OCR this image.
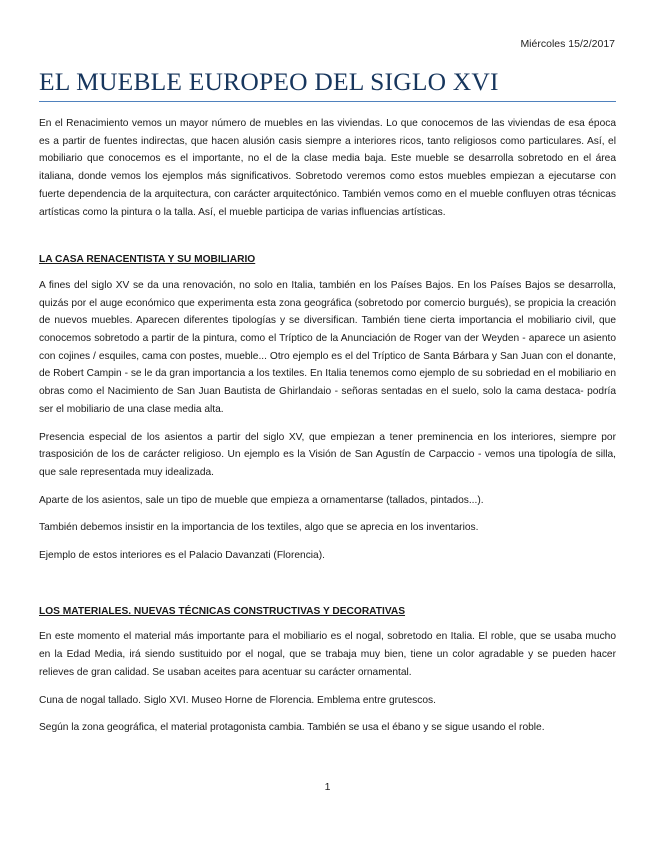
Miércoles 15/2/2017
EL MUEBLE EUROPEO DEL SIGLO XVI

En el Renacimiento vemos un mayor número de muebles en las viviendas. Lo que conocemos de las viviendas de esa época es a partir de fuentes indirectas, que hacen alusión casis siempre a interiores ricos, tanto religiosos como particulares. Así, el mobiliario que conocemos es el importante, no el de la clase media baja. Este mueble se desarrolla sobretodo en el área italiana, donde vemos los ejemplos más significativos. Sobretodo veremos como estos muebles empiezan a ejecutarse con fuerte dependencia de la arquitectura, con carácter arquitectónico. También vemos como en el mueble confluyen otras técnicas artísticas como la pintura o la talla. Así, el mueble participa de varias influencias artísticas.

LA CASA RENACENTISTA Y SU MOBILIARIO

A fines del siglo XV se da una renovación, no solo en Italia, también en los Países Bajos. En los Países Bajos se desarrolla, quizás por el auge económico que experimenta esta zona geográfica (sobretodo por comercio burgués), se propicia la creación de nuevos muebles. Aparecen diferentes tipologías y se diversifican. También tiene cierta importancia el mobiliario civil, que conocemos sobretodo a partir de la pintura, como el Tríptico de la Anunciación de Roger van der Weyden - aparece un asiento con cojines / esquiles, cama con postes, mueble... Otro ejemplo es el del Tríptico de Santa Bárbara y San Juan con el donante, de Robert Campin - se le da gran importancia a los textiles. En Italia tenemos como ejemplo de su sobriedad en el mobiliario en obras como el Nacimiento de San Juan Bautista de Ghirlandaio - señoras sentadas en el suelo, solo la cama destaca- podría ser el mobiliario de una clase media alta.

Presencia especial de los asientos a partir del siglo XV, que empiezan a tener preminencia en los interiores, siempre por trasposición de los de carácter religioso. Un ejemplo es la Visión de San Agustín de Carpaccio - vemos una tipología de silla, que sale representada muy idealizada.

Aparte de los asientos, sale un tipo de mueble que empieza a ornamentarse (tallados, pintados...).

También debemos insistir en la importancia de los textiles, algo que se aprecia en los inventarios.

Ejemplo de estos interiores es el Palacio Davanzati (Florencia).

LOS MATERIALES. NUEVAS TÉCNICAS CONSTRUCTIVAS Y DECORATIVAS

En este momento el material más importante para el mobiliario es el nogal, sobretodo en Italia. El roble, que se usaba mucho en la Edad Media, irá siendo sustituido por el nogal, que se trabaja muy bien, tiene un color agradable y se pueden hacer relieves de gran calidad. Se usaban aceites para acentuar su carácter ornamental.

Cuna de nogal tallado. Siglo XVI. Museo Horne de Florencia. Emblema entre grutescos.

Según la zona geográfica, el material protagonista cambia. También se usa el ébano y se sigue usando el roble.

1
